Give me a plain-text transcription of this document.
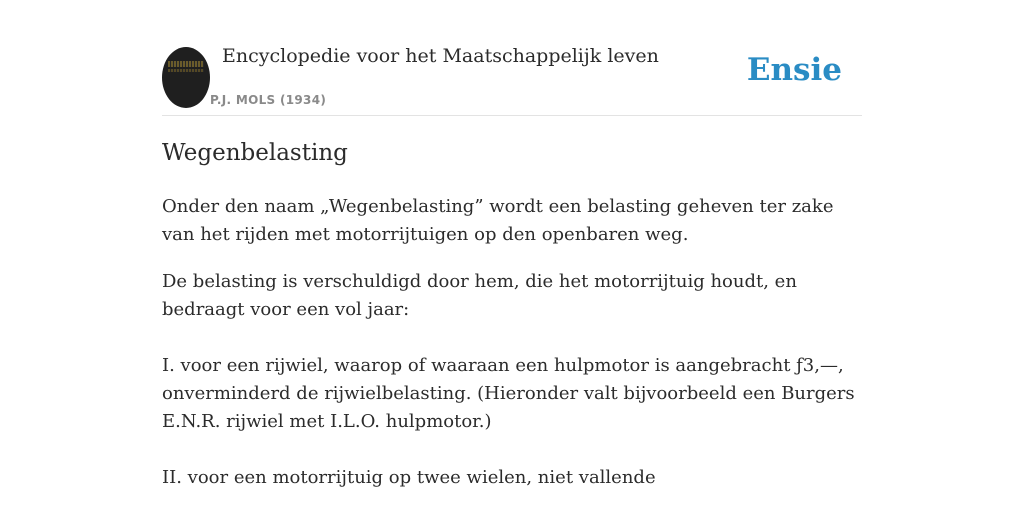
Encyclopedie voor het Maatschappelijk leven
P.J. MOLS (1934)
Ensie
Wegenbelasting

Onder den naam „Wegenbelasting” wordt een belasting geheven ter zake van het rijden met motorrijtuigen op den openbaren weg.

De belasting is verschuldigd door hem, die het motorrijtuig houdt, en bedraagt voor een vol jaar:

I. voor een rijwiel, waarop of waaraan een hulpmotor is aangebracht ƒ3,—, onverminderd de rijwielbelasting. (Hieronder valt bijvoorbeeld een Burgers E.N.R. rijwiel met I.L.O. hulpmotor.)
II. voor een motorrijtuig op twee wielen, niet vallende
